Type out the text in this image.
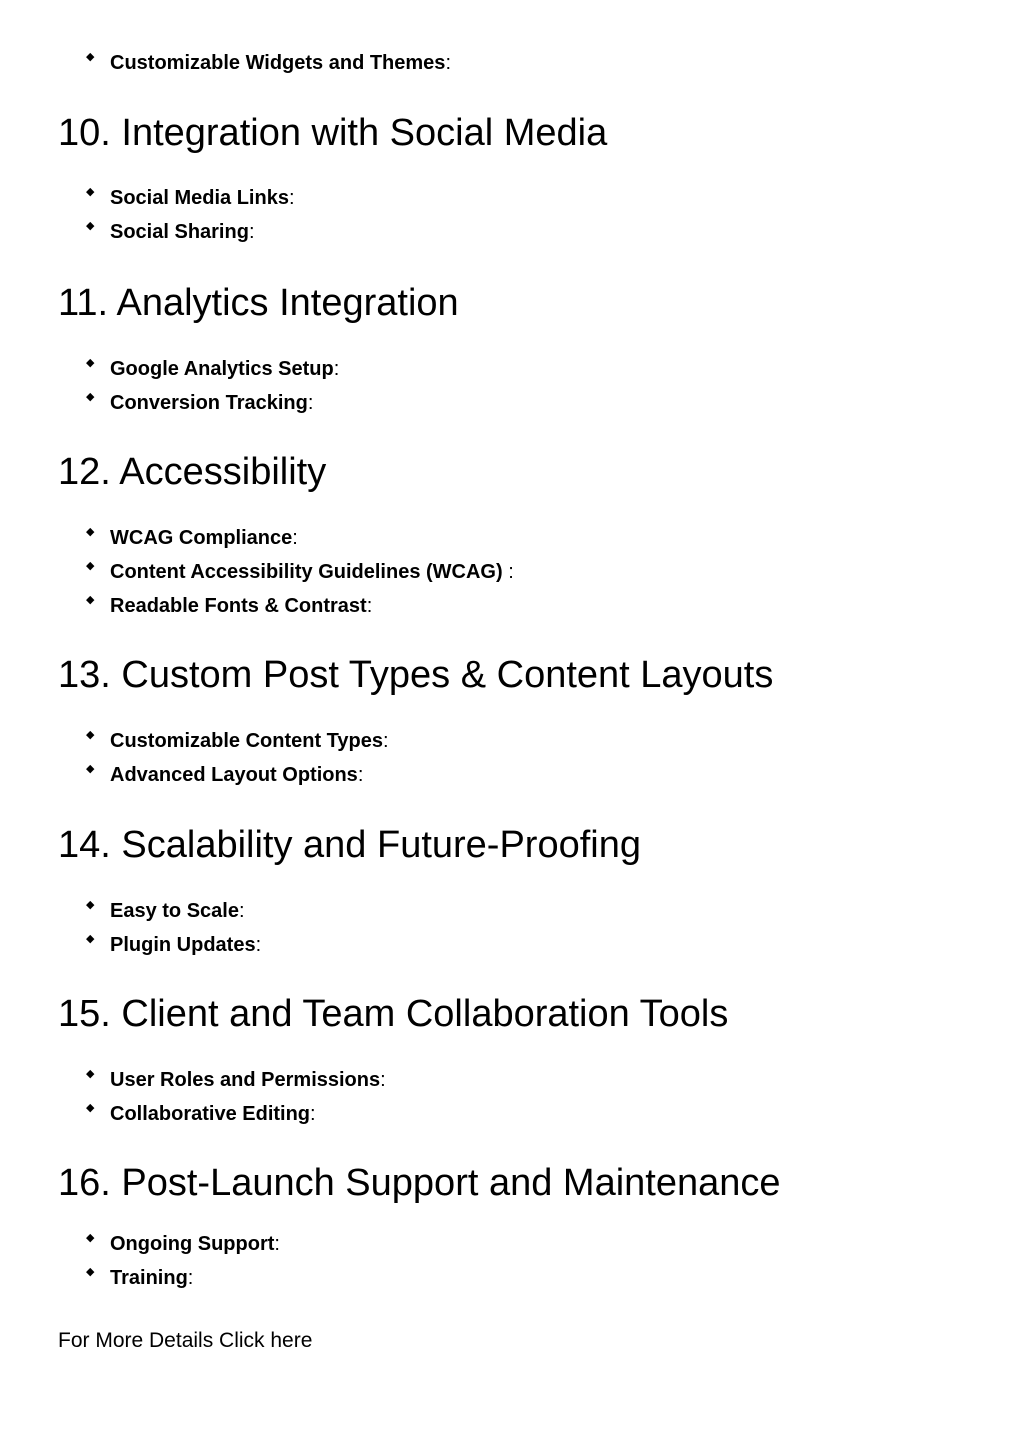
◆ Customizable Widgets and Themes:
10. Integration with Social Media
◆ Social Media Links:
◆ Social Sharing:
11. Analytics Integration
◆ Google Analytics Setup:
◆ Conversion Tracking:
12. Accessibility
◆ WCAG Compliance:
◆ Content Accessibility Guidelines (WCAG) :
◆ Readable Fonts & Contrast:
13. Custom Post Types & Content Layouts
◆ Customizable Content Types:
◆ Advanced Layout Options:
14. Scalability and Future-Proofing
◆ Easy to Scale:
◆ Plugin Updates:
15. Client and Team Collaboration Tools
◆ User Roles and Permissions:
◆ Collaborative Editing:
16. Post-Launch Support and Maintenance
◆ Ongoing Support:
◆ Training:
For More Details Click here
